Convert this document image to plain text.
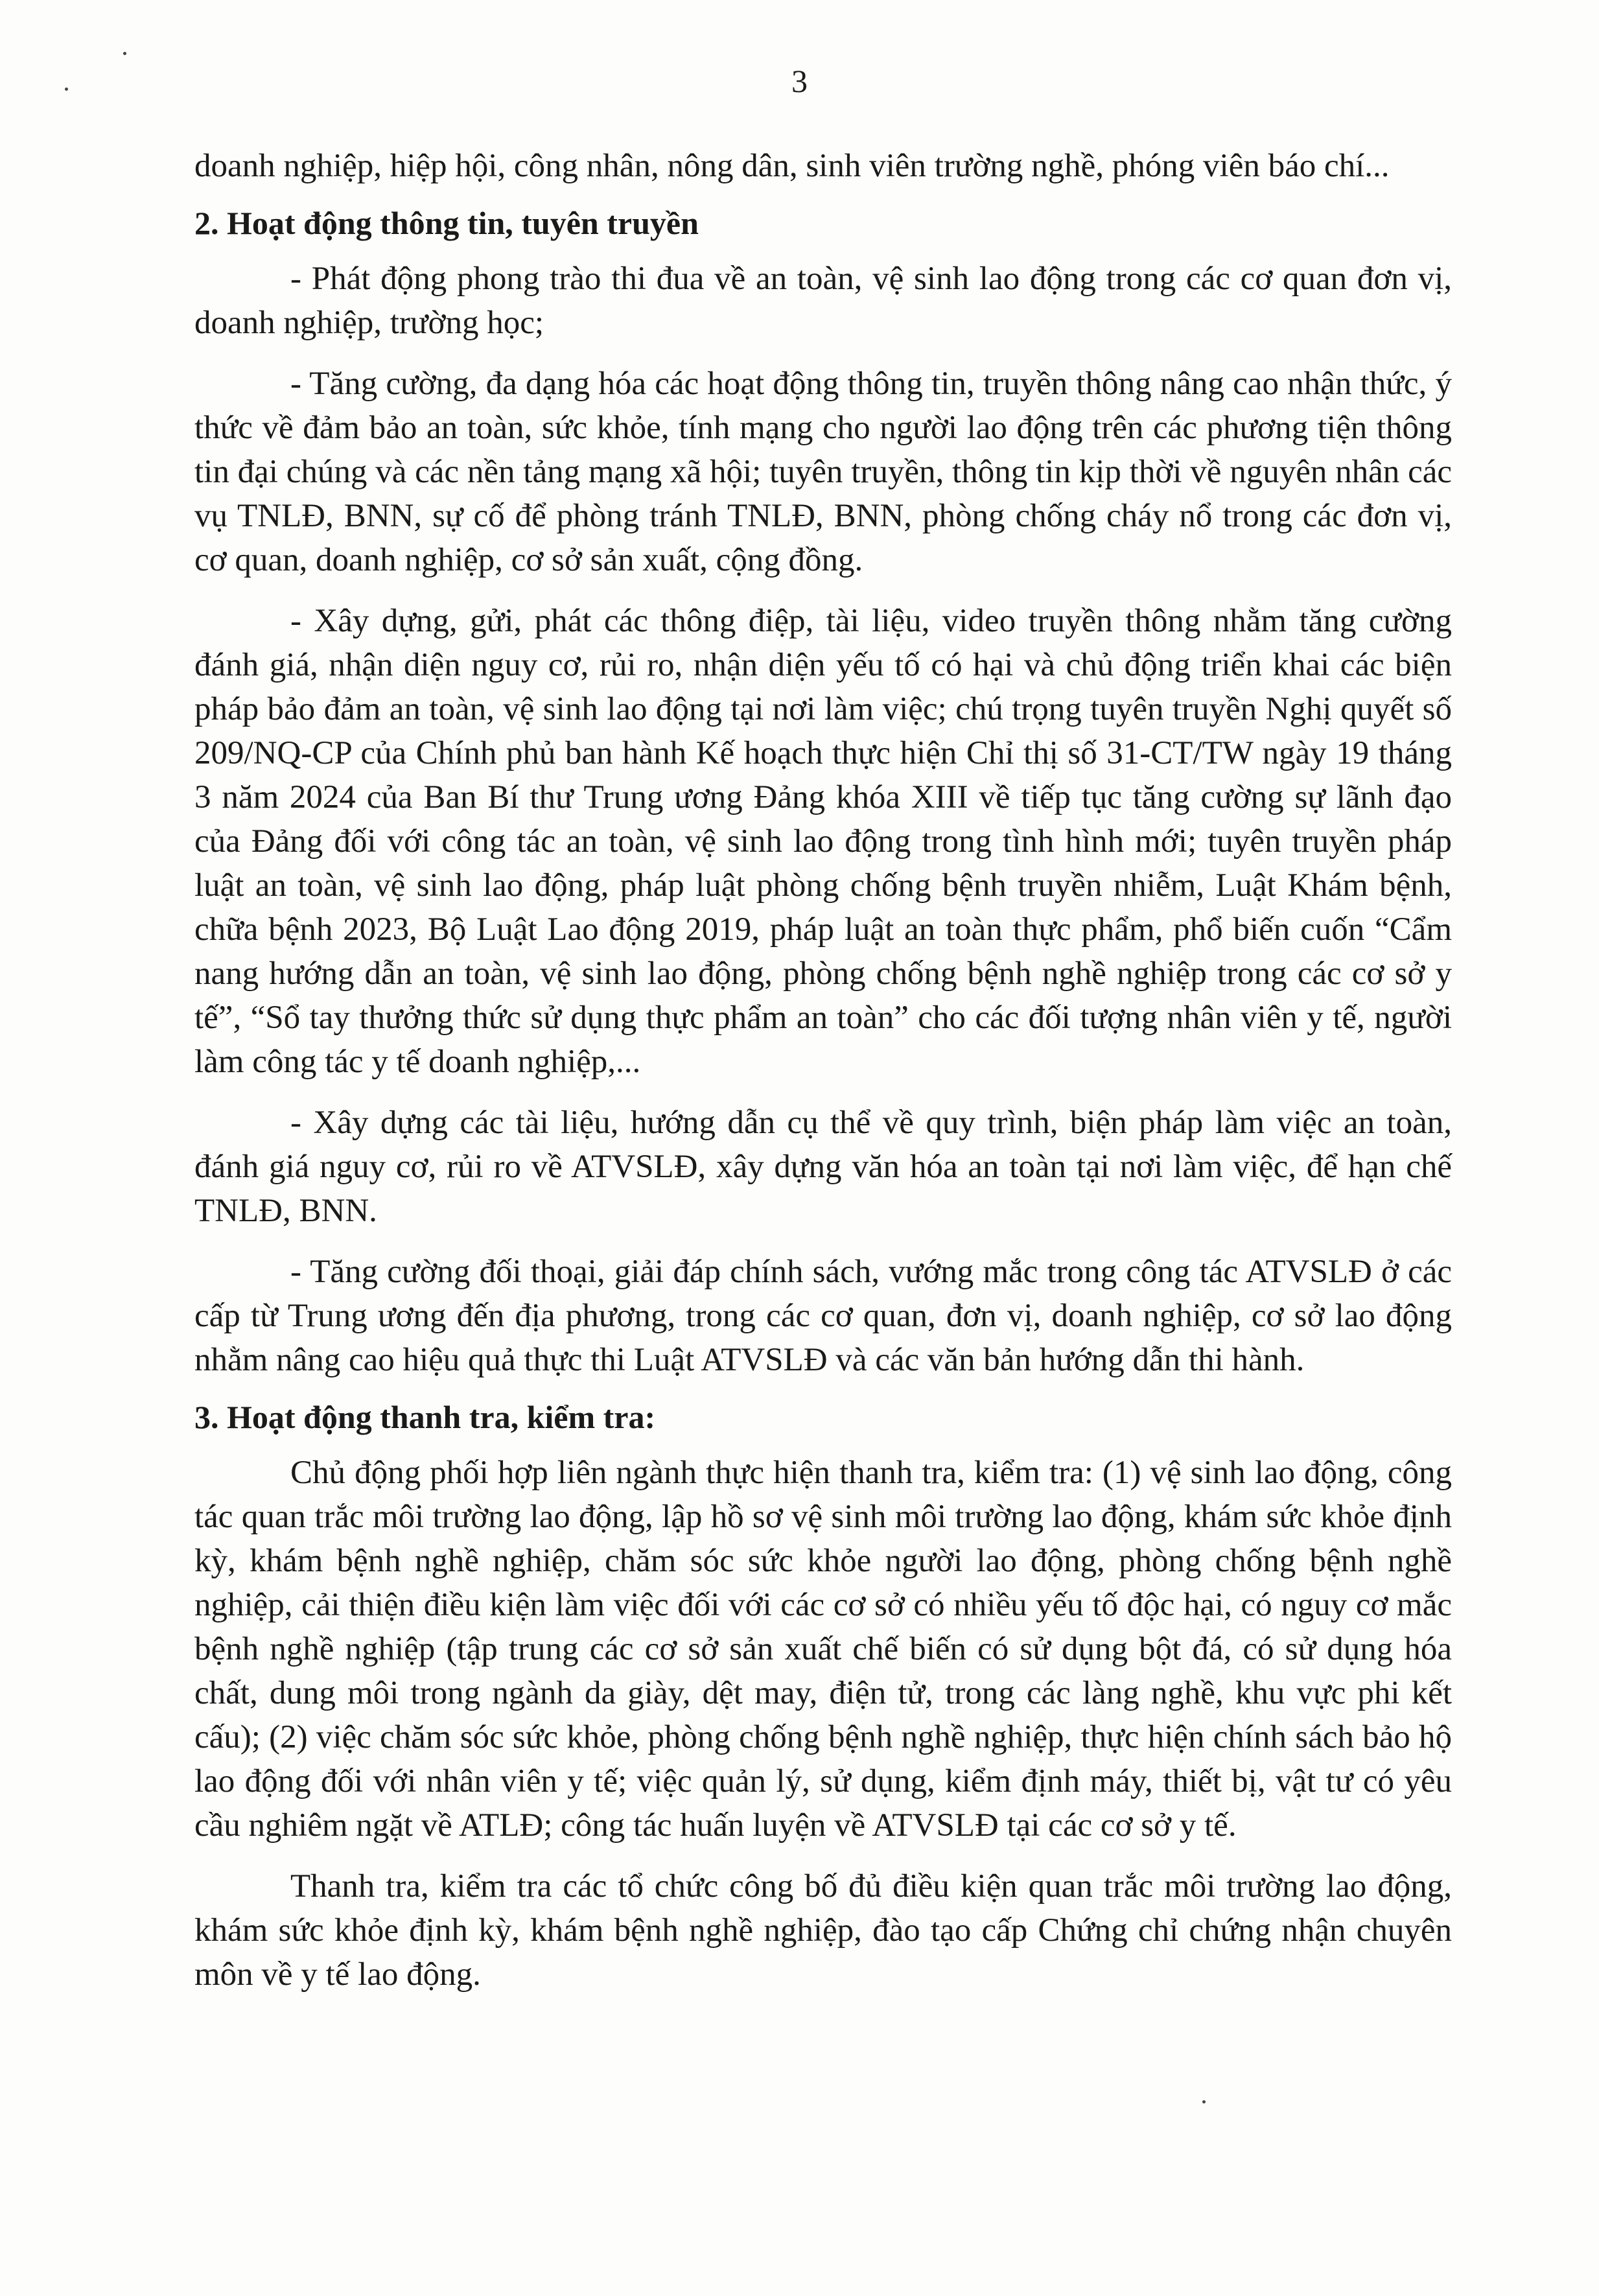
3

doanh nghiệp, hiệp hội, công nhân, nông dân, sinh viên trường nghề, phóng viên báo chí...

2. Hoạt động thông tin, tuyên truyền

- Phát động phong trào thi đua về an toàn, vệ sinh lao động trong các cơ quan đơn vị, doanh nghiệp, trường học;

- Tăng cường, đa dạng hóa các hoạt động thông tin, truyền thông nâng cao nhận thức, ý thức về đảm bảo an toàn, sức khỏe, tính mạng cho người lao động trên các phương tiện thông tin đại chúng và các nền tảng mạng xã hội; tuyên truyền, thông tin kịp thời về nguyên nhân các vụ TNLĐ, BNN, sự cố để phòng tránh TNLĐ, BNN, phòng chống cháy nổ trong các đơn vị, cơ quan, doanh nghiệp, cơ sở sản xuất, cộng đồng.

- Xây dựng, gửi, phát các thông điệp, tài liệu, video truyền thông nhằm tăng cường đánh giá, nhận diện nguy cơ, rủi ro, nhận diện yếu tố có hại và chủ động triển khai các biện pháp bảo đảm an toàn, vệ sinh lao động tại nơi làm việc; chú trọng tuyên truyền Nghị quyết số 209/NQ-CP của Chính phủ ban hành Kế hoạch thực hiện Chỉ thị số 31-CT/TW ngày 19 tháng 3 năm 2024 của Ban Bí thư Trung ương Đảng khóa XIII về tiếp tục tăng cường sự lãnh đạo của Đảng đối với công tác an toàn, vệ sinh lao động trong tình hình mới; tuyên truyền pháp luật an toàn, vệ sinh lao động, pháp luật phòng chống bệnh truyền nhiễm, Luật Khám bệnh, chữa bệnh 2023, Bộ Luật Lao động 2019, pháp luật an toàn thực phẩm, phổ biến cuốn “Cẩm nang hướng dẫn an toàn, vệ sinh lao động, phòng chống bệnh nghề nghiệp trong các cơ sở y tế”, “Sổ tay thưởng thức sử dụng thực phẩm an toàn” cho các đối tượng nhân viên y tế, người làm công tác y tế doanh nghiệp,...

- Xây dựng các tài liệu, hướng dẫn cụ thể về quy trình, biện pháp làm việc an toàn, đánh giá nguy cơ, rủi ro về ATVSLĐ, xây dựng văn hóa an toàn tại nơi làm việc, để hạn chế TNLĐ, BNN.

- Tăng cường đối thoại, giải đáp chính sách, vướng mắc trong công tác ATVSLĐ ở các cấp từ Trung ương đến địa phương, trong các cơ quan, đơn vị, doanh nghiệp, cơ sở lao động nhằm nâng cao hiệu quả thực thi Luật ATVSLĐ và các văn bản hướng dẫn thi hành.

3. Hoạt động thanh tra, kiểm tra:

Chủ động phối hợp liên ngành thực hiện thanh tra, kiểm tra: (1) vệ sinh lao động, công tác quan trắc môi trường lao động, lập hồ sơ vệ sinh môi trường lao động, khám sức khỏe định kỳ, khám bệnh nghề nghiệp, chăm sóc sức khỏe người lao động, phòng chống bệnh nghề nghiệp, cải thiện điều kiện làm việc đối với các cơ sở có nhiều yếu tố độc hại, có nguy cơ mắc bệnh nghề nghiệp (tập trung các cơ sở sản xuất chế biến có sử dụng bột đá, có sử dụng hóa chất, dung môi trong ngành da giày, dệt may, điện tử, trong các làng nghề, khu vực phi kết cấu); (2) việc chăm sóc sức khỏe, phòng chống bệnh nghề nghiệp, thực hiện chính sách bảo hộ lao động đối với nhân viên y tế; việc quản lý, sử dụng, kiểm định máy, thiết bị, vật tư có yêu cầu nghiêm ngặt về ATLĐ; công tác huấn luyện về ATVSLĐ tại các cơ sở y tế.

Thanh tra, kiểm tra các tổ chức công bố đủ điều kiện quan trắc môi trường lao động, khám sức khỏe định kỳ, khám bệnh nghề nghiệp, đào tạo cấp Chứng chỉ chứng nhận chuyên môn về y tế lao động.
